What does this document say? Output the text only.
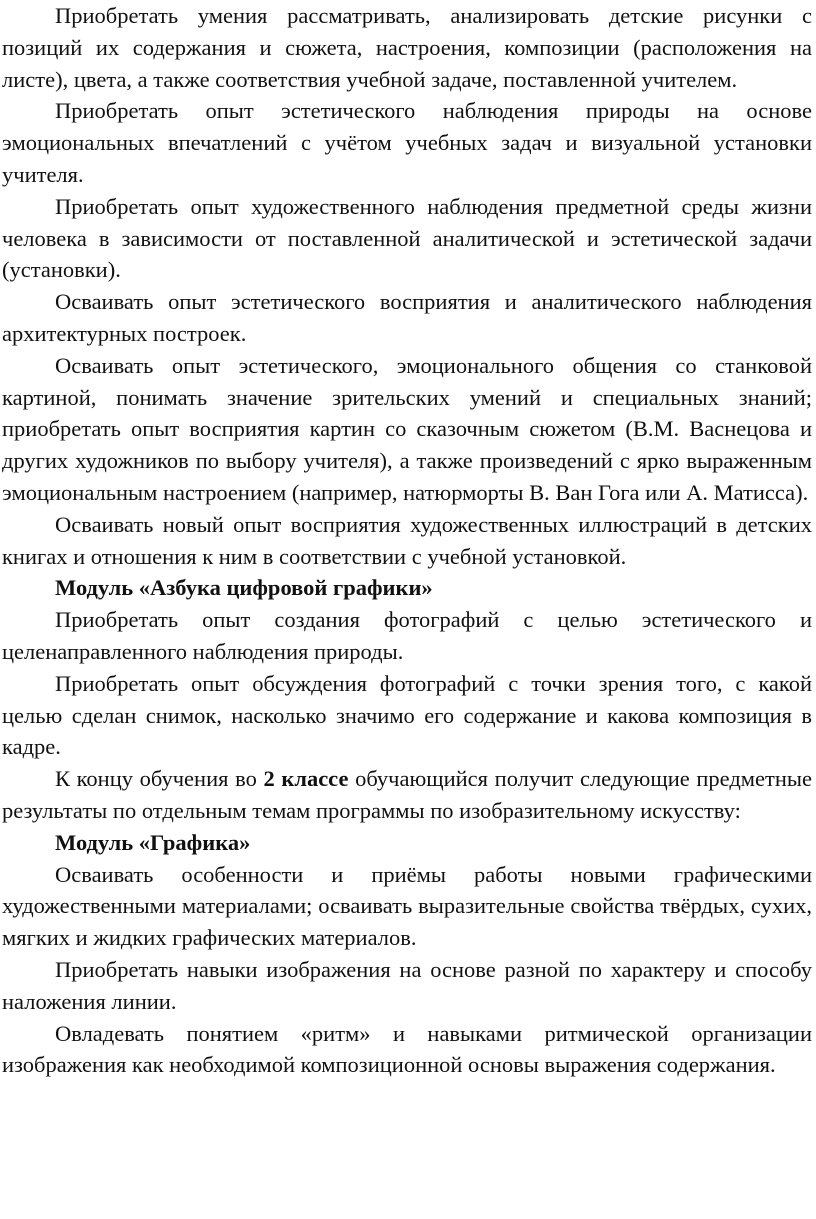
Приобретать умения рассматривать, анализировать детские рисунки с позиций их содержания и сюжета, настроения, композиции (расположения на листе), цвета, а также соответствия учебной задаче, поставленной учителем.

Приобретать опыт эстетического наблюдения природы на основе эмоциональных впечатлений с учётом учебных задач и визуальной установки учителя.

Приобретать опыт художественного наблюдения предметной среды жизни человека в зависимости от поставленной аналитической и эстетической задачи (установки).

Осваивать опыт эстетического восприятия и аналитического наблюдения архитектурных построек.

Осваивать опыт эстетического, эмоционального общения со станковой картиной, понимать значение зрительских умений и специальных знаний; приобретать опыт восприятия картин со сказочным сюжетом (В.М. Васнецова и других художников по выбору учителя), а также произведений с ярко выраженным эмоциональным настроением (например, натюрморты В. Ван Гога или А. Матисса).

Осваивать новый опыт восприятия художественных иллюстраций в детских книгах и отношения к ним в соответствии с учебной установкой.

Модуль «Азбука цифровой графики»

Приобретать опыт создания фотографий с целью эстетического и целенаправленного наблюдения природы.

Приобретать опыт обсуждения фотографий с точки зрения того, с какой целью сделан снимок, насколько значимо его содержание и какова композиция в кадре.

К концу обучения во 2 классе обучающийся получит следующие предметные результаты по отдельным темам программы по изобразительному искусству:

Модуль «Графика»

Осваивать особенности и приёмы работы новыми графическими художественными материалами; осваивать выразительные свойства твёрдых, сухих, мягких и жидких графических материалов.

Приобретать навыки изображения на основе разной по характеру и способу наложения линии.

Овладевать понятием «ритм» и навыками ритмической организации изображения как необходимой композиционной основы выражения содержания.
